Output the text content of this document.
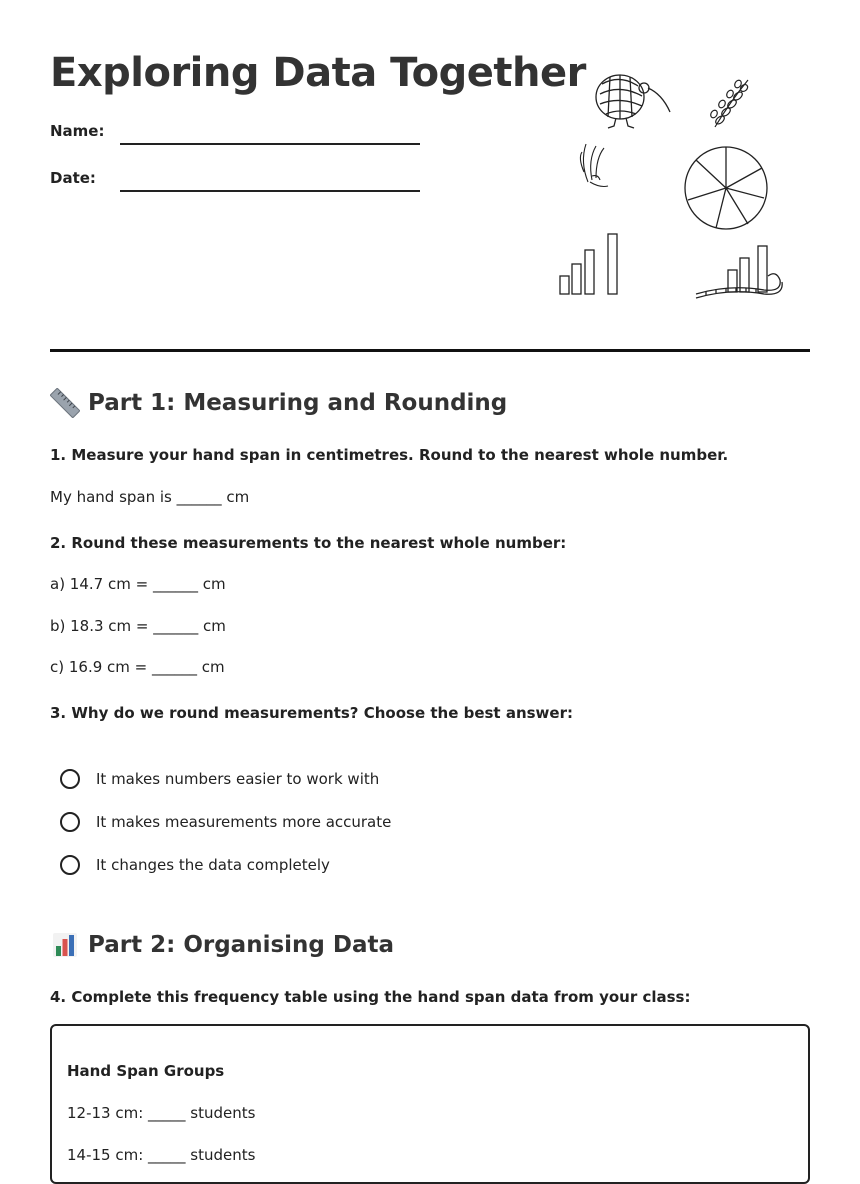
Exploring Data Together
Name:
Date:
Part 1: Measuring and Rounding

1. Measure your hand span in centimetres. Round to the nearest whole number.

My hand span is ______ cm

2. Round these measurements to the nearest whole number:

a) 14.7 cm = ______ cm

b) 18.3 cm = ______ cm

c) 16.9 cm = ______ cm

3. Why do we round measurements? Choose the best answer:

It makes numbers easier to work with
It makes measurements more accurate
It changes the data completely
Part 2: Organising Data

4. Complete this frequency table using the hand span data from your class:

Hand Span Groups
12-13 cm: _____ students
14-15 cm: _____ students
